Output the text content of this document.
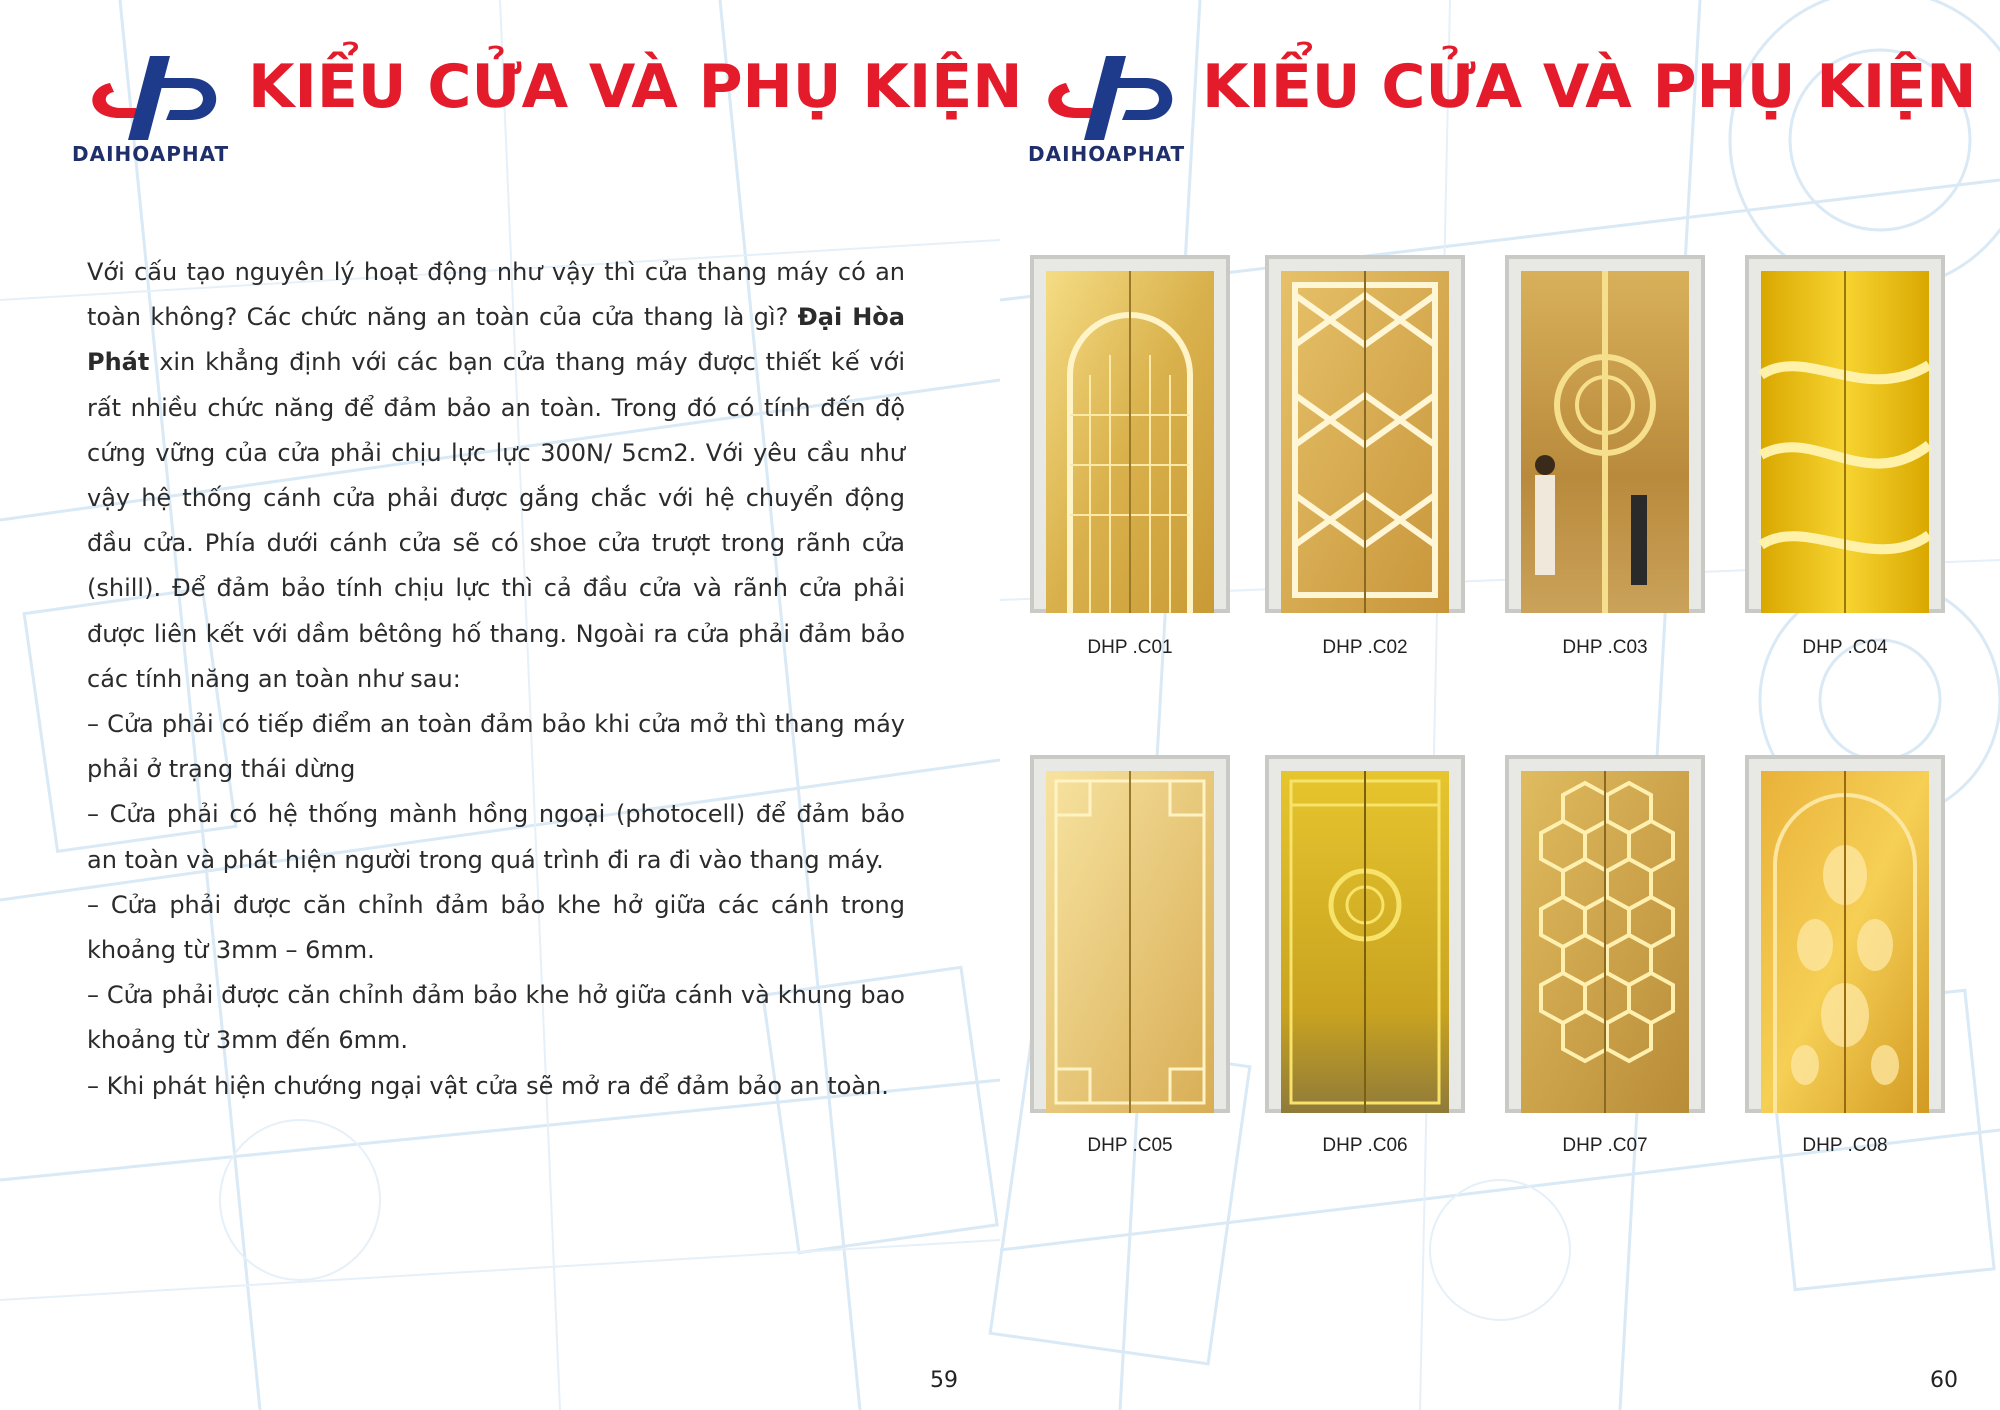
DAIHOAPHAT
KIỂU CỬA VÀ PHỤ KIỆN

Với cấu tạo nguyên lý hoạt động như vậy thì cửa thang máy có an toàn không? Các chức năng an toàn của cửa thang là gì? Đại Hòa Phát xin khẳng định với các bạn cửa thang máy được thiết kế với rất nhiều chức năng để đảm bảo an toàn. Trong đó có tính đến độ cứng vững của cửa phải chịu lực lực 300N/ 5cm2. Với yêu cầu như vậy hệ thống cánh cửa phải được gắng chắc với hệ chuyển động đầu cửa. Phía dưới cánh cửa sẽ có shoe cửa trượt trong rãnh cửa (shill). Để đảm bảo tính chịu lực thì cả đầu cửa và rãnh cửa phải được liên kết với dầm bêtông hố thang. Ngoài ra cửa phải đảm bảo các tính năng an toàn như sau:

– Cửa phải có tiếp điểm an toàn đảm bảo khi cửa mở thì thang máy phải ở trạng thái dừng

– Cửa phải có hệ thống mành hồng ngoại (photocell) để đảm bảo an toàn và phát hiện người trong quá trình đi ra đi vào thang máy.

– Cửa phải được căn chỉnh đảm bảo khe hở giữa các cánh trong khoảng từ 3mm – 6mm.

– Cửa phải được căn chỉnh đảm bảo khe hở giữa cánh và khung bao khoảng từ 3mm đến 6mm.

– Khi phát hiện chướng ngại vật cửa sẽ mở ra để đảm bảo an toàn.

59
DAIHOAPHAT
KIỂU CỬA VÀ PHỤ KIỆN
DHP .C01	DHP .C02	DHP .C03	DHP .C04
DHP .C05	DHP .C06	DHP .C07	DHP .C08
60
